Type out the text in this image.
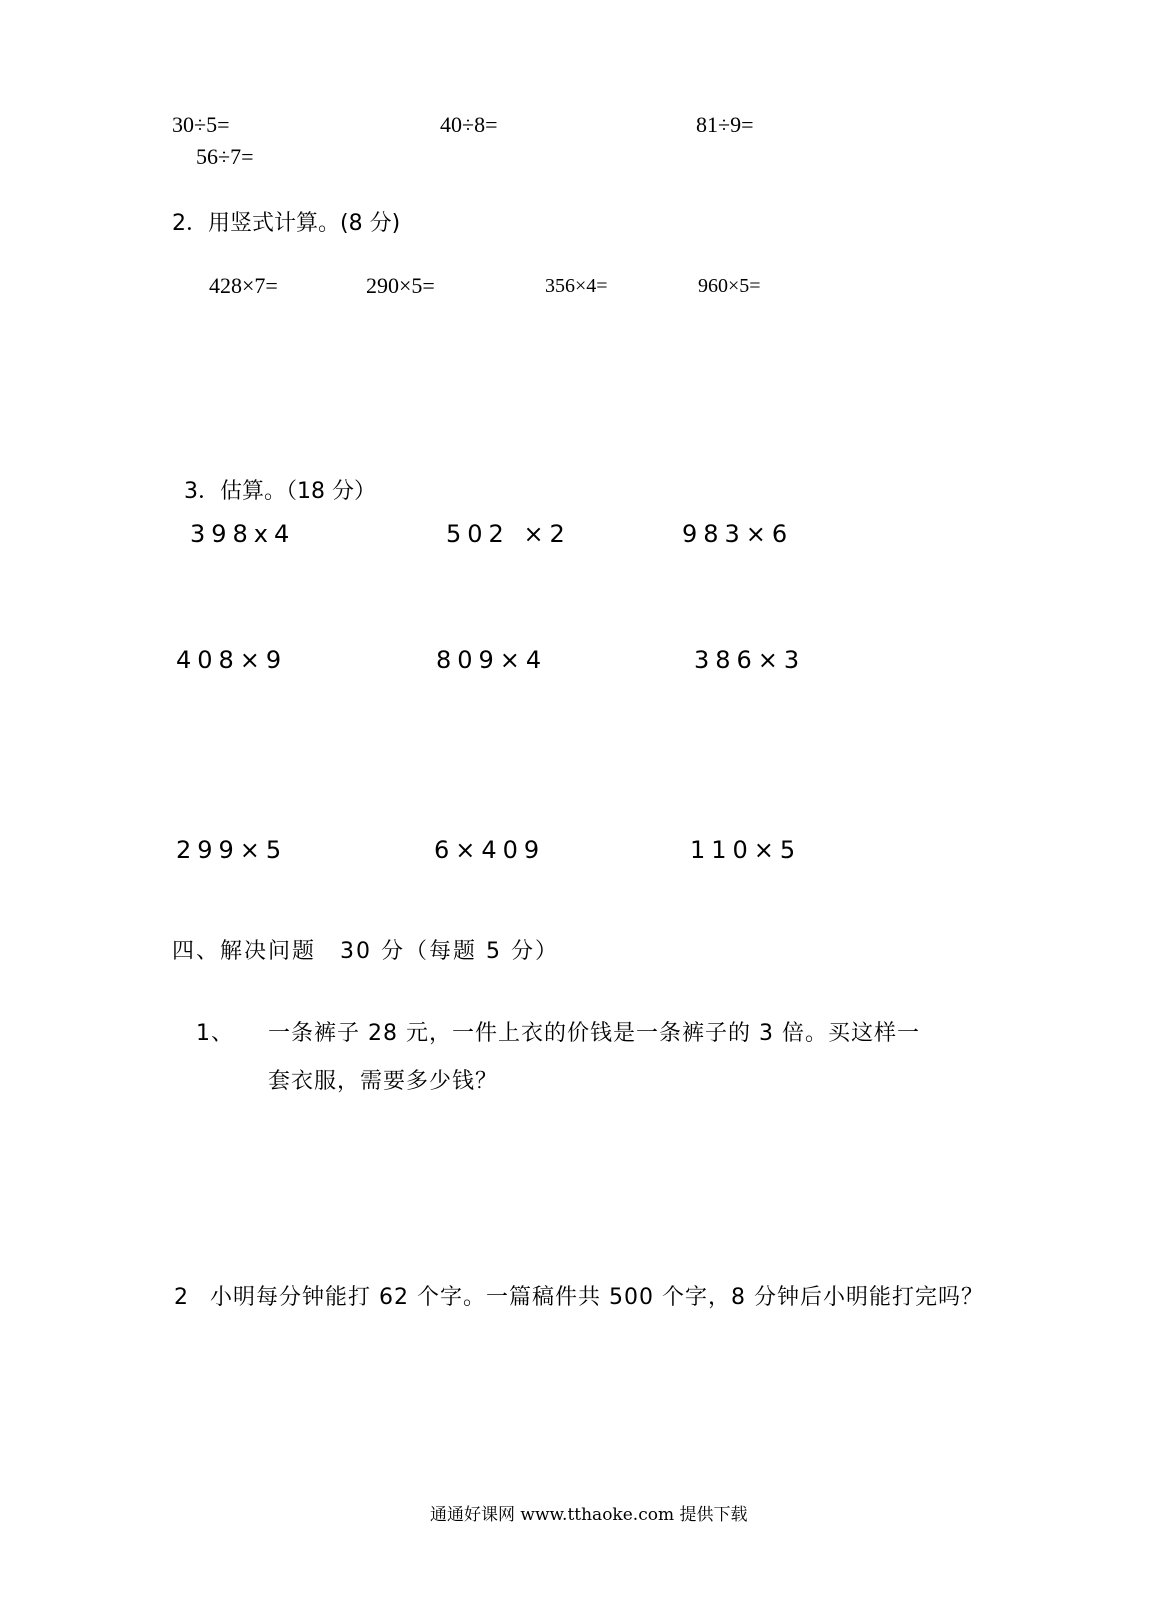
30÷5=	40÷8=	81÷9=
56÷7=
2．用竖式计算。(8 分)
428×7=	290×5=	356×4=	960×5=
3．估算。（18 分）
398x4	502 ×2	983×6
408×9	809×4	386×3
299×5	6×409	110×5
四、解决问题　30 分（每题 5 分）
1、 一条裤子 28 元，一件上衣的价钱是一条裤子的 3 倍。买这样一
套衣服，需要多少钱？
2 小明每分钟能打 62 个字。一篇稿件共 500 个字，8 分钟后小明能打完吗？
通通好课网 www.tthaoke.com 提供下载
